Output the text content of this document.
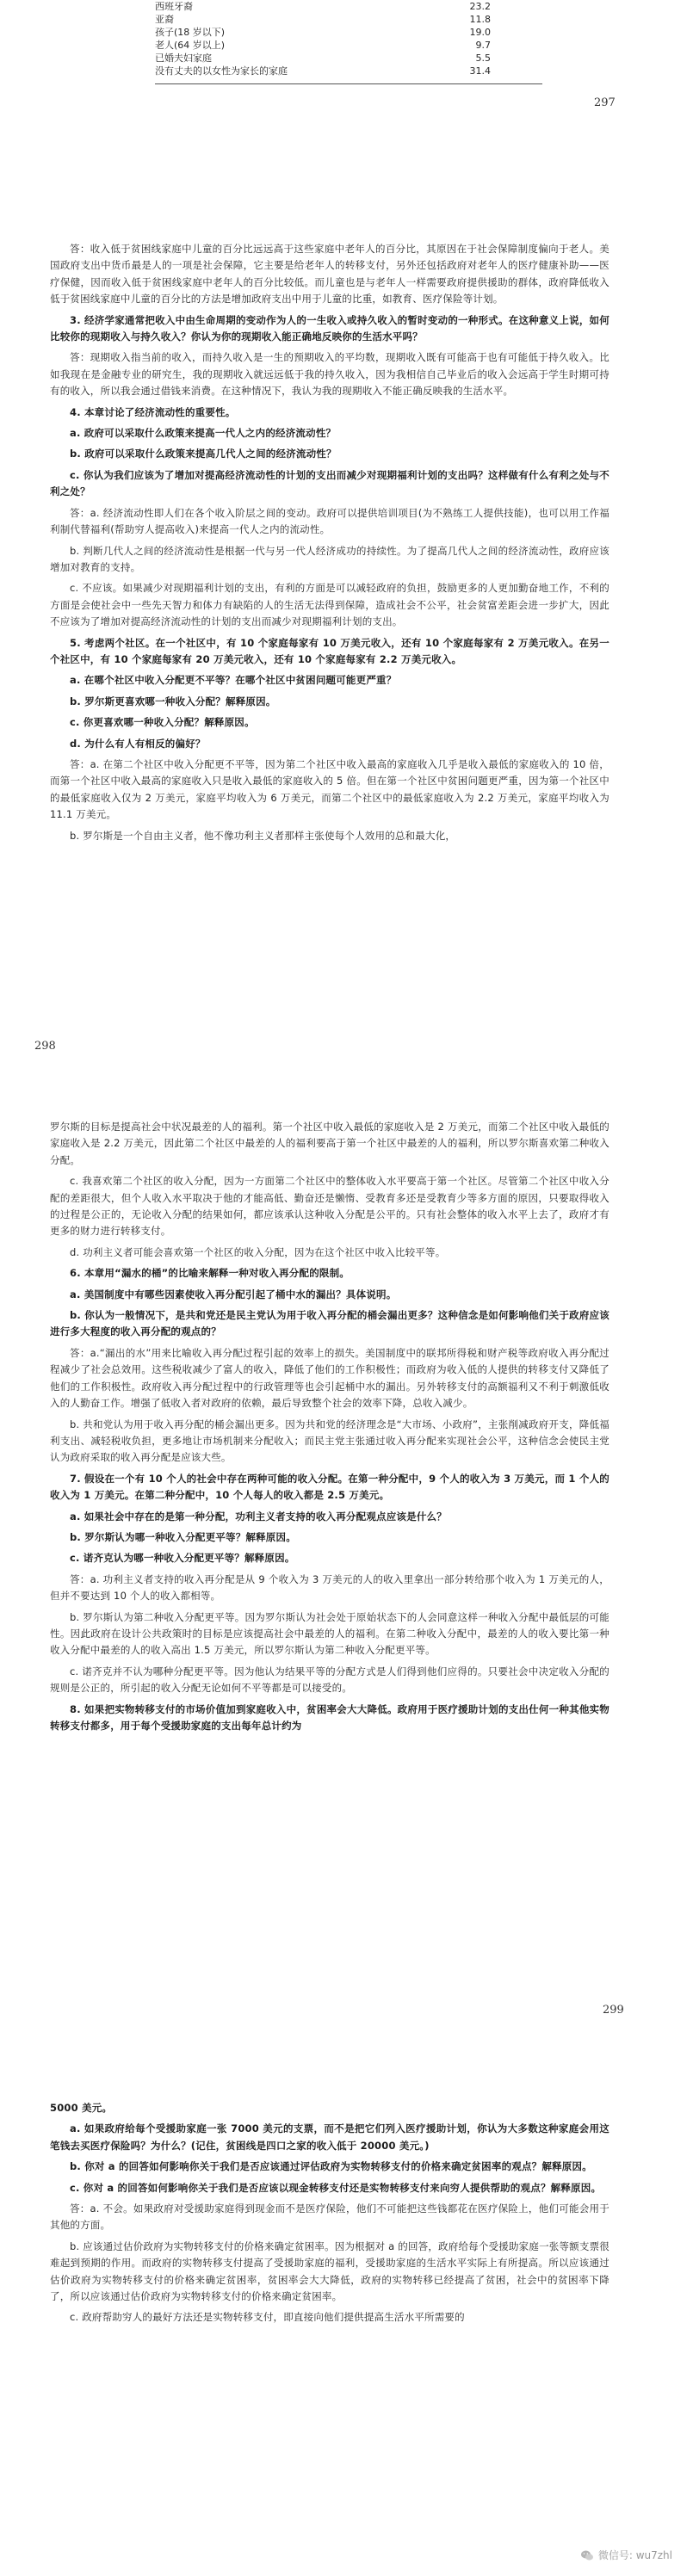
西班牙裔	23.2
亚裔	11.8
孩子(18 岁以下)	19.0
老人(64 岁以上)	9.7
已婚夫妇家庭	5.5
没有丈夫的以女性为家长的家庭	31.4
297

答：收入低于贫困线家庭中儿童的百分比远远高于这些家庭中老年人的百分比，其原因在于社会保障制度偏向于老人。美国政府支出中货币最是人的一项是社会保障，它主要是给老年人的转移支付，另外还包括政府对老年人的医疗健康补助——医疗保健，因而收入低于贫困线家庭中老年人的百分比较低。而儿童也是与老年人一样需要政府提供援助的群体，政府降低收入低于贫困线家庭中儿童的百分比的方法是增加政府支出中用于儿童的比重，如教育、医疗保险等计划。

3. 经济学家通常把收入中由生命周期的变动作为人的一生收入或持久收入的暂时变动的一种形式。在这种意义上说，如何比较你的现期收入与持久收入？你认为你的现期收入能正确地反映你的生活水平吗？

答：现期收入指当前的收入，而持久收入是一生的预期收入的平均数，现期收入既有可能高于也有可能低于持久收入。比如我现在是金融专业的研究生，我的现期收入就远远低于我的持久收入，因为我相信自己毕业后的收入会远高于学生时期可持有的收入，所以我会通过借钱来消费。在这种情况下，我认为我的现期收入不能正确反映我的生活水平。

4. 本章讨论了经济流动性的重要性。

a. 政府可以采取什么政策来提高一代人之内的经济流动性？

b. 政府可以采取什么政策来提高几代人之间的经济流动性？

c. 你认为我们应该为了增加对提高经济流动性的计划的支出而减少对现期福利计划的支出吗？这样做有什么有利之处与不利之处？

答：a. 经济流动性即人们在各个收入阶层之间的变动。政府可以提供培训项目(为不熟练工人提供技能)，也可以用工作福利制代替福利(帮助穷人提高收入)来提高一代人之内的流动性。

b. 判断几代人之间的经济流动性是根据一代与另一代人经济成功的持续性。为了提高几代人之间的经济流动性，政府应该增加对教育的支持。

c. 不应该。如果减少对现期福利计划的支出，有利的方面是可以减轻政府的负担，鼓励更多的人更加勤奋地工作，不利的方面是会使社会中一些先天智力和体力有缺陷的人的生活无法得到保障，造成社会不公平，社会贫富差距会进一步扩大，因此不应该为了增加对提高经济流动性的计划的支出而减少对现期福利计划的支出。

5. 考虑两个社区。在一个社区中，有 10 个家庭每家有 10 万美元收入，还有 10 个家庭每家有 2 万美元收入。在另一个社区中，有 10 个家庭每家有 20 万美元收入，还有 10 个家庭每家有 2.2 万美元收入。

a. 在哪个社区中收入分配更不平等？在哪个社区中贫困问题可能更严重？

b. 罗尔斯更喜欢哪一种收入分配？解释原因。

c. 你更喜欢哪一种收入分配？解释原因。

d. 为什么有人有相反的偏好？

答：a. 在第二个社区中收入分配更不平等，因为第二个社区中收入最高的家庭收入几乎是收入最低的家庭收入的 10 倍，而第一个社区中收入最高的家庭收入只是收入最低的家庭收入的 5 倍。但在第一个社区中贫困问题更严重，因为第一个社区中的最低家庭收入仅为 2 万美元，家庭平均收入为 6 万美元，而第二个社区中的最低家庭收入为 2.2 万美元，家庭平均收入为 11.1 万美元。

b. 罗尔斯是一个自由主义者，他不像功利主义者那样主张使每个人效用的总和最大化，

298

罗尔斯的目标是提高社会中状况最差的人的福利。第一个社区中收入最低的家庭收入是 2 万美元，而第二个社区中收入最低的家庭收入是 2.2 万美元，因此第二个社区中最差的人的福利要高于第一个社区中最差的人的福利，所以罗尔斯喜欢第二种收入分配。

c. 我喜欢第二个社区的收入分配，因为一方面第二个社区中的整体收入水平要高于第一个社区。尽管第二个社区中收入分配的差距很大，但个人收入水平取决于他的才能高低、勤奋还是懒惰、受教育多还是受教育少等多方面的原因，只要取得收入的过程是公正的，无论收入分配的结果如何，都应该承认这种收入分配是公平的。只有社会整体的收入水平上去了，政府才有更多的财力进行转移支付。

d. 功利主义者可能会喜欢第一个社区的收入分配，因为在这个社区中收入比较平等。

6. 本章用“漏水的桶”的比喻来解释一种对收入再分配的限制。

a. 美国制度中有哪些因素使收入再分配引起了桶中水的漏出？具体说明。

b. 你认为一般情况下，是共和党还是民主党认为用于收入再分配的桶会漏出更多？这种信念是如何影响他们关于政府应该进行多大程度的收入再分配的观点的？

答：a.“漏出的水”用来比喻收入再分配过程引起的效率上的损失。美国制度中的联邦所得税和财产税等政府收入再分配过程减少了社会总效用。这些税收减少了富人的收入，降低了他们的工作积极性；而政府为收入低的人提供的转移支付又降低了他们的工作积极性。政府收入再分配过程中的行政管理等也会引起桶中水的漏出。另外转移支付的高额福利又不利于刺激低收入的人勤奋工作。增强了低收入者对政府的依赖，最后导致整个社会的效率下降，总收入减少。

b. 共和党认为用于收入再分配的桶会漏出更多。因为共和党的经济理念是“大市场、小政府”，主张削减政府开支，降低福利支出、减轻税收负担，更多地让市场机制来分配收入；而民主党主张通过收入再分配来实现社会公平，这种信念会使民主党认为政府采取的收入再分配是应该大些。

7. 假设在一个有 10 个人的社会中存在两种可能的收入分配。在第一种分配中，9 个人的收入为 3 万美元，而 1 个人的收入为 1 万美元。在第二种分配中，10 个人每人的收入都是 2.5 万美元。

a. 如果社会中存在的是第一种分配，功利主义者支持的收入再分配观点应该是什么？

b. 罗尔斯认为哪一种收入分配更平等？解释原因。

c. 诺齐克认为哪一种收入分配更平等？解释原因。

答：a. 功利主义者支持的收入再分配是从 9 个收入为 3 万美元的人的收入里拿出一部分转给那个收入为 1 万美元的人，但并不要达到 10 个人的收入都相等。

b. 罗尔斯认为第二种收入分配更平等。因为罗尔斯认为社会处于原始状态下的人会同意这样一种收入分配中最低层的可能性。因此政府在设计公共政策时的目标是应该提高社会中最差的人的福利。在第二种收入分配中，最差的人的收入要比第一种收入分配中最差的人的收入高出 1.5 万美元，所以罗尔斯认为第二种收入分配更平等。

c. 诺齐克并不认为哪种分配更平等。因为他认为结果平等的分配方式是人们得到他们应得的。只要社会中决定收入分配的规则是公正的，所引起的收入分配无论如何不平等都是可以接受的。

8. 如果把实物转移支付的市场价值加到家庭收入中，贫困率会大大降低。政府用于医疗援助计划的支出仕何一种其他实物转移支付都多，用于每个受援助家庭的支出每年总计约为

299

5000 美元。

a. 如果政府给每个受援助家庭一张 7000 美元的支票，而不是把它们列入医疗援助计划，你认为大多数这种家庭会用这笔钱去买医疗保险吗？为什么？(记住，贫困线是四口之家的收入低于 20000 美元。)

b. 你对 a 的回答如何影响你关于我们是否应该通过评估政府为实物转移支付的价格来确定贫困率的观点？解释原因。

c. 你对 a 的回答如何影响你关于我们是否应该以现金转移支付还是实物转移支付来向穷人提供帮助的观点？解释原因。

答：a. 不会。如果政府对受援助家庭得到现金而不是医疗保险，他们不可能把这些钱都花在医疗保险上，他们可能会用于其他的方面。

b. 应该通过估价政府为实物转移支付的价格来确定贫困率。因为根据对 a 的回答，政府给每个受援助家庭一张等额支票很难起到预期的作用。而政府的实物转移支付提高了受援助家庭的福利，受援助家庭的生活水平实际上有所提高。所以应该通过估价政府为实物转移支付的价格来确定贫困率，贫困率会大大降低，政府的实物转移已经提高了贫困，社会中的贫困率下降了，所以应该通过估价政府为实物转移支付的价格来确定贫困率。

c. 政府帮助穷人的最好方法还是实物转移支付，即直接向他们提供提高生活水平所需要的

微信号: wu7zhl
